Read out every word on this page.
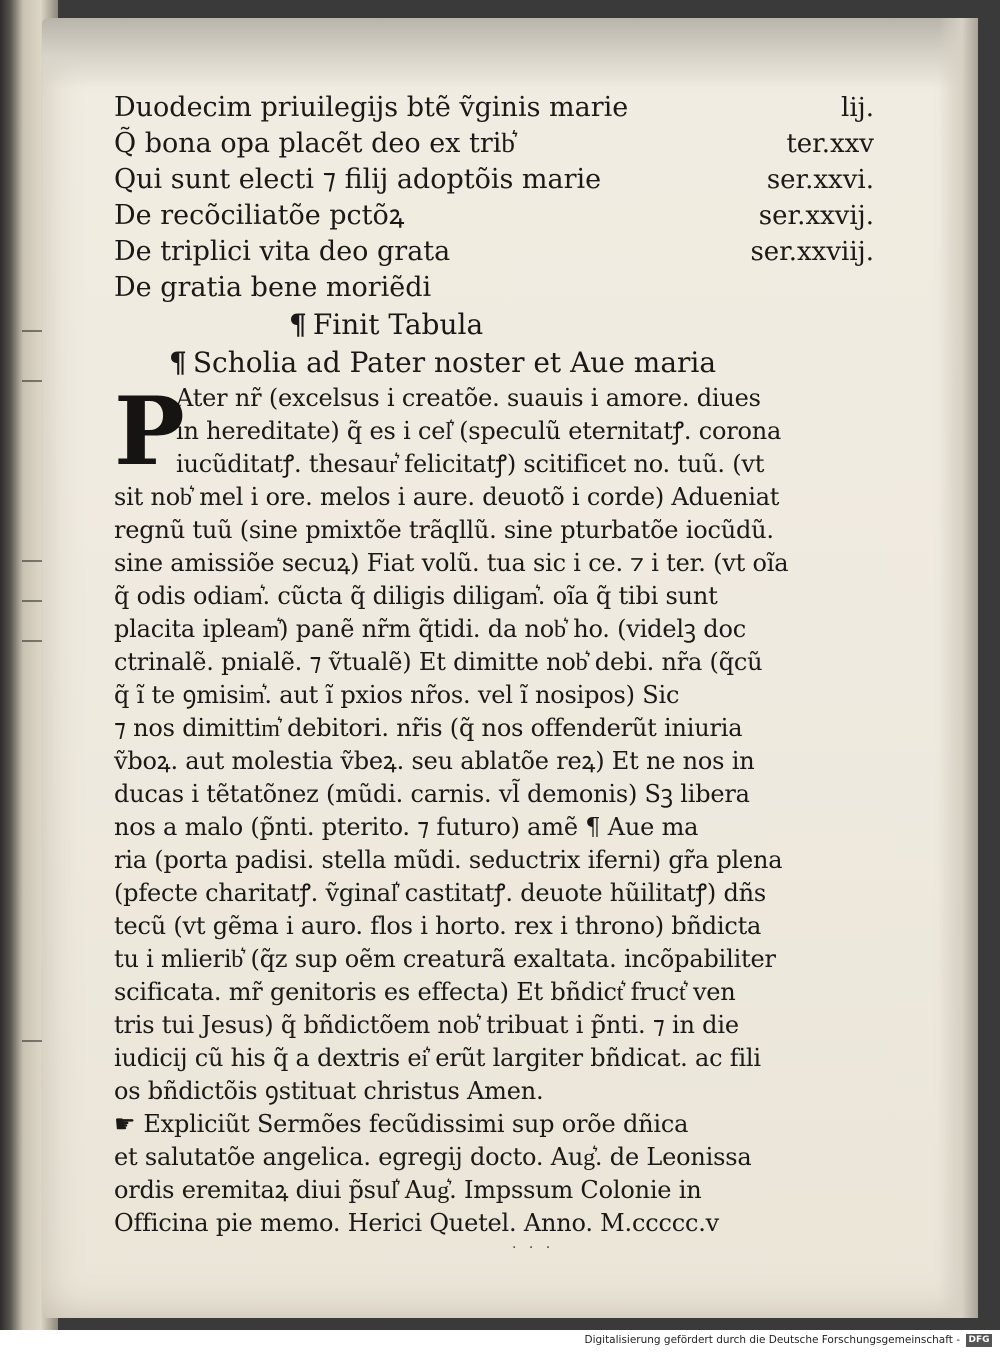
Duodecim priuilegijs btẽ ṽginis marie	lij.
Q̃ bona opa placẽt deo ex trib͛	ter.xxv
Qui sunt electi ⁊ filij adoptõis marie	ser.xxvi.
De recõciliatõe pctõꝝ	ser.xxvij.
De triplici vita deo grata	ser.xxviij.
De gratia bene moriẽdi
¶ Finit Tabula
¶ Scholia ad Pater noster et Aue maria
P
Ater nr̃ (excelsus i creatõe. suauis i amore. diues
in hereditate) q̃ es i cel͛ (speculũ eternitatꝭ. corona
iucũditatꝭ. thesaur͛ felicitatꝭ) scitificet no. tuũ. (vt
sit nob͛ mel i ore. melos i aure. deuotõ i corde) Adueniat
regnũ tuũ (sine pmixtõe trãqllũ. sine pturbatõe iocũdũ.
sine amissiõe secuꝝ) Fiat volũ. tua sic i ce. ⁊ i ter. (vt oĩa
q̃ odis odiam͛. cũcta q̃ diligis diligam͛. oĩa q̃ tibi sunt
placita ipleam͛) panẽ nr̃m q̃tidi. da nob͛ ho. (videlꝫ doc
ctrinalẽ. pnialẽ. ⁊ ṽtualẽ) Et dimitte nob͛ debi. nr̃a (q̃cũ
q̃ ĩ te ꝯmisim͛. aut ĩ pxios nr̃os. vel ĩ nosipos) Sic
⁊ nos dimittim͛ debitori. nr̃is (q̃ nos offenderũt iniuria
ṽboꝝ. aut molestia ṽbeꝝ. seu ablatõe reꝝ) Et ne nos in
ducas i tẽtatõnez (mũdi. carnis. vl̃ demonis) Sꝫ libera
nos a malo (p̃nti. pterito. ⁊ futuro) amẽ ¶ Aue ma
ria (porta padisi. stella mũdi. seductrix iferni) gr̃a plena
(pfecte charitatꝭ. ṽginal͛ castitatꝭ. deuote hũilitatꝭ) dñs
tecũ (vt gẽma i auro. flos i horto. rex i throno) bñdicta
tu i mlierib͛ (q̃z sup oẽm creaturã exaltata. incõpabiliter
scificata. mr̃ genitoris es effecta) Et bñdict͛ fruct͛ ven
tris tui Jesus) q̃ bñdictõem nob͛ tribuat i p̃nti. ⁊ in die
iudicij cũ his q̃ a dextris ei͛ erũt largiter bñdicat. ac fili
os bñdictõis ꝯstituat christus Amen.
☛ Expliciũt Sermões fecũdissimi sup orõe dñica
et salutatõe angelica. egregij docto. Aug͛. de Leonissa
ordis eremitaꝝ diui p̃sul͛ Aug͛. Impssum Colonie in
Officina pie memo. Herici Quetel. Anno. M.ccccc.v
· · ·
Digitalisierung gefördert durch die Deutsche Forschungsgemeinschaft - DFG
